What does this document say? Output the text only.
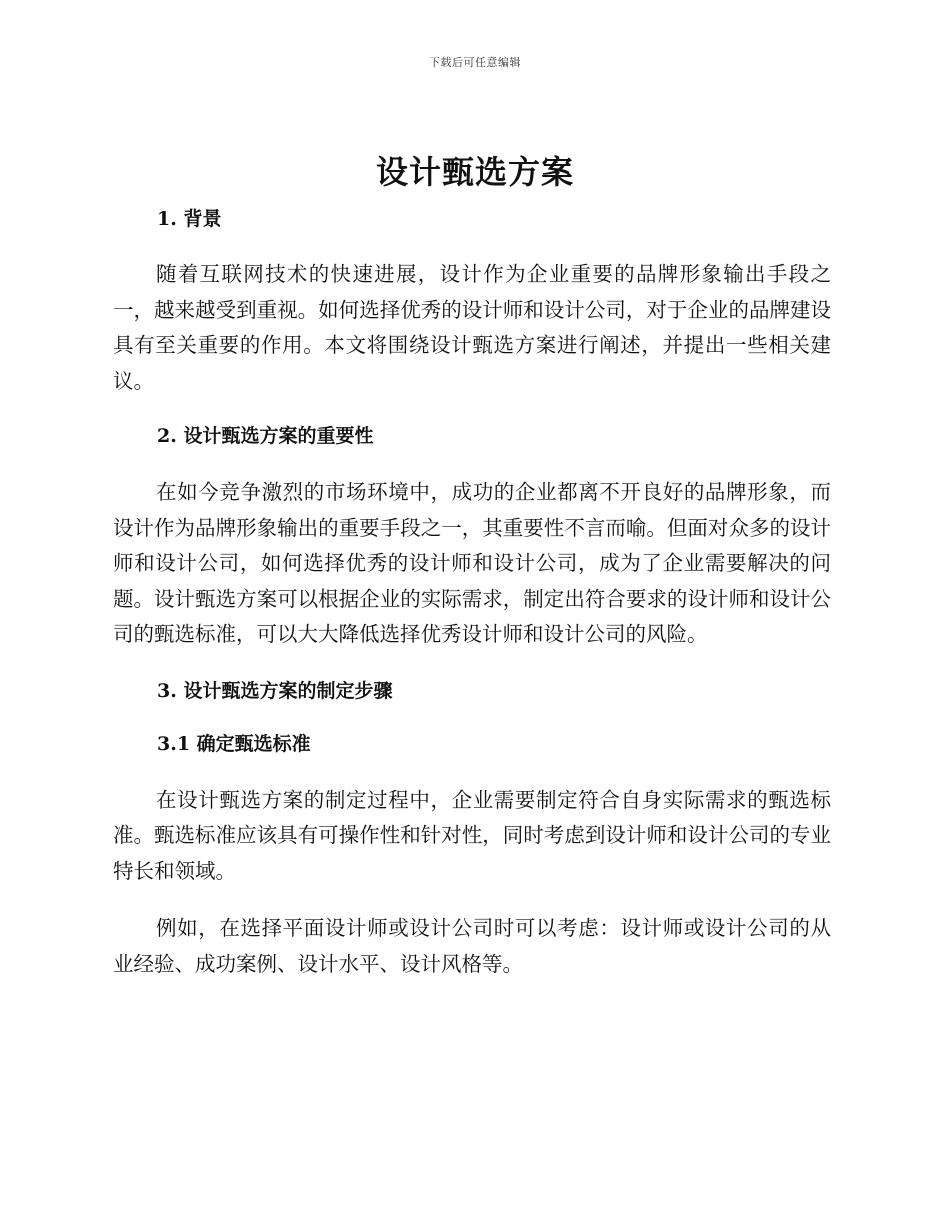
下载后可任意编辑
设计甄选方案

1. 背景

随着互联网技术的快速进展，设计作为企业重要的品牌形象输出手段之一，越来越受到重视。如何选择优秀的设计师和设计公司，对于企业的品牌建设具有至关重要的作用。本文将围绕设计甄选方案进行阐述，并提出一些相关建议。

2. 设计甄选方案的重要性

在如今竞争激烈的市场环境中，成功的企业都离不开良好的品牌形象，而设计作为品牌形象输出的重要手段之一，其重要性不言而喻。但面对众多的设计师和设计公司，如何选择优秀的设计师和设计公司，成为了企业需要解决的问题。设计甄选方案可以根据企业的实际需求，制定出符合要求的设计师和设计公司的甄选标准，可以大大降低选择优秀设计师和设计公司的风险。

3. 设计甄选方案的制定步骤

3.1 确定甄选标准

在设计甄选方案的制定过程中，企业需要制定符合自身实际需求的甄选标准。甄选标准应该具有可操作性和针对性，同时考虑到设计师和设计公司的专业特长和领域。

例如，在选择平面设计师或设计公司时可以考虑：设计师或设计公司的从业经验、成功案例、设计水平、设计风格等。
